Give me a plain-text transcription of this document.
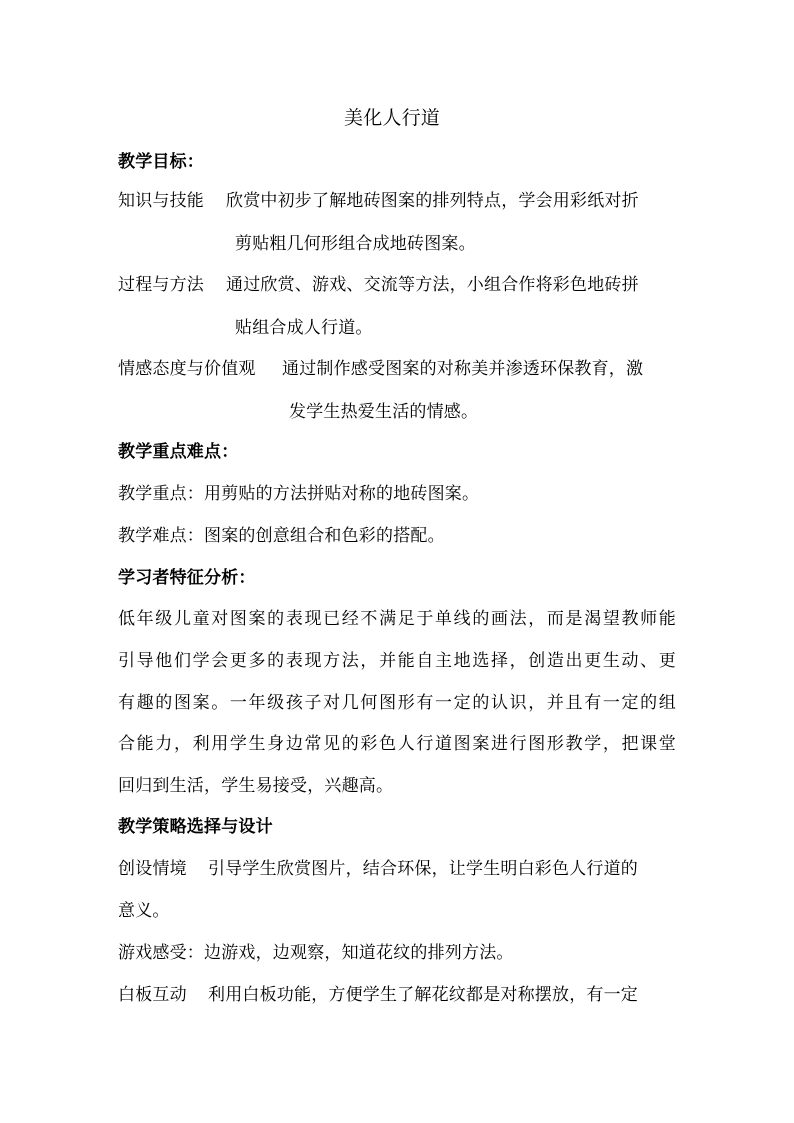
美化人行道
教学目标：
知识与技能 欣赏中初步了解地砖图案的排列特点，学会用彩纸对折
剪贴粗几何形组合成地砖图案。
过程与方法 通过欣赏、游戏、交流等方法，小组合作将彩色地砖拼
贴组合成人行道。
情感态度与价值观 通过制作感受图案的对称美并渗透环保教育，激
发学生热爱生活的情感。
教学重点难点：
教学重点：用剪贴的方法拼贴对称的地砖图案。
教学难点：图案的创意组合和色彩的搭配。
学习者特征分析：
低年级儿童对图案的表现已经不满足于单线的画法，而是渴望教师能
引导他们学会更多的表现方法，并能自主地选择，创造出更生动、更
有趣的图案。一年级孩子对几何图形有一定的认识，并且有一定的组
合能力，利用学生身边常见的彩色人行道图案进行图形教学，把课堂
回归到生活，学生易接受，兴趣高。
教学策略选择与设计
创设情境 引导学生欣赏图片，结合环保，让学生明白彩色人行道的
意义。
游戏感受：边游戏，边观察，知道花纹的排列方法。
白板互动 利用白板功能，方便学生了解花纹都是对称摆放，有一定
